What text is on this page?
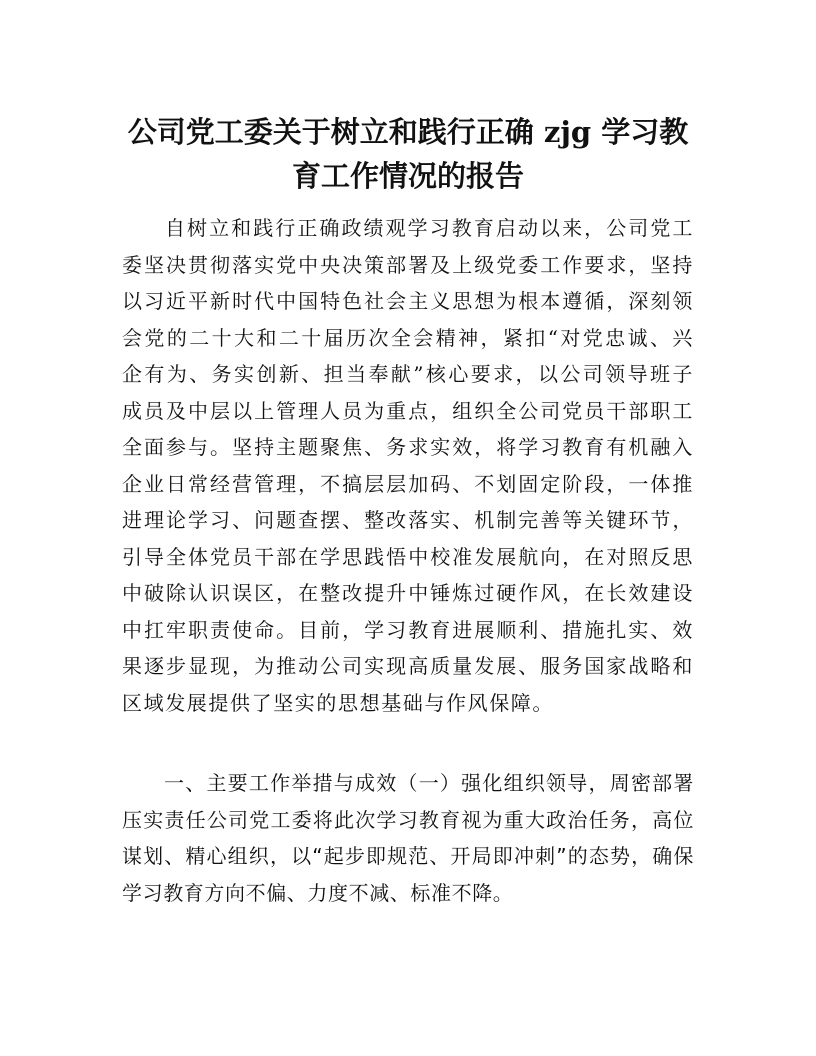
公司党工委关于树立和践行正确 zjg 学习教育工作情况的报告

自树立和践行正确政绩观学习教育启动以来，公司党工委坚决贯彻落实党中央决策部署及上级党委工作要求，坚持以习近平新时代中国特色社会主义思想为根本遵循，深刻领会党的二十大和二十届历次全会精神，紧扣“对党忠诚、兴企有为、务实创新、担当奉献”核心要求，以公司领导班子成员及中层以上管理人员为重点，组织全公司党员干部职工全面参与。坚持主题聚焦、务求实效，将学习教育有机融入企业日常经营管理，不搞层层加码、不划固定阶段，一体推进理论学习、问题查摆、整改落实、机制完善等关键环节，引导全体党员干部在学思践悟中校准发展航向，在对照反思中破除认识误区，在整改提升中锤炼过硬作风，在长效建设中扛牢职责使命。目前，学习教育进展顺利、措施扎实、效果逐步显现，为推动公司实现高质量发展、服务国家战略和区域发展提供了坚实的思想基础与作风保障。

一、主要工作举措与成效（一）强化组织领导，周密部署压实责任公司党工委将此次学习教育视为重大政治任务，高位谋划、精心组织，以“起步即规范、开局即冲刺”的态势，确保学习教育方向不偏、力度不减、标准不降。
